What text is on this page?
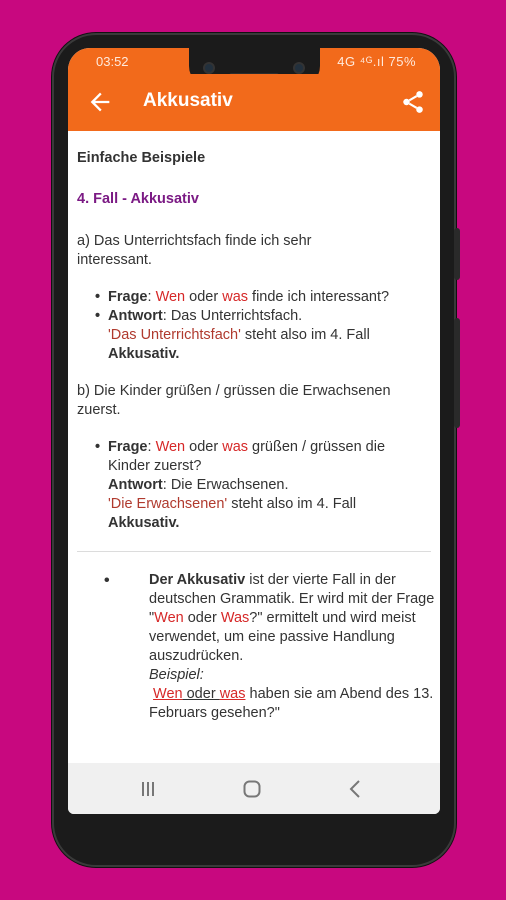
03:52	4G ⁴ᴳ.ıl 75%
Akkusativ

Einfache Beispiele

4. Fall - Akkusativ

a) Das Unterrichtsfach finde ich sehr interessant.

• Frage: Wen oder was finde ich interessant?
• Antwort: Das Unterrichtsfach.
'Das Unterrichtsfach' steht also im 4. Fall
Akkusativ.

b) Die Kinder grüßen / grüssen die Erwachsenen zuerst.

• Frage: Wen oder was grüßen / grüssen die Kinder zuerst?
Antwort: Die Erwachsenen.
'Die Erwachsenen' steht also im 4. Fall
Akkusativ.
•	Der Akkusativ ist der vierte Fall in der deutschen Grammatik. Er wird mit der Frage "Wen oder Was?" ermittelt und wird meist verwendet, um eine passive Handlung auszudrücken.

Beispiel:

Wen oder was haben sie am Abend des 13. Februars gesehen?"
